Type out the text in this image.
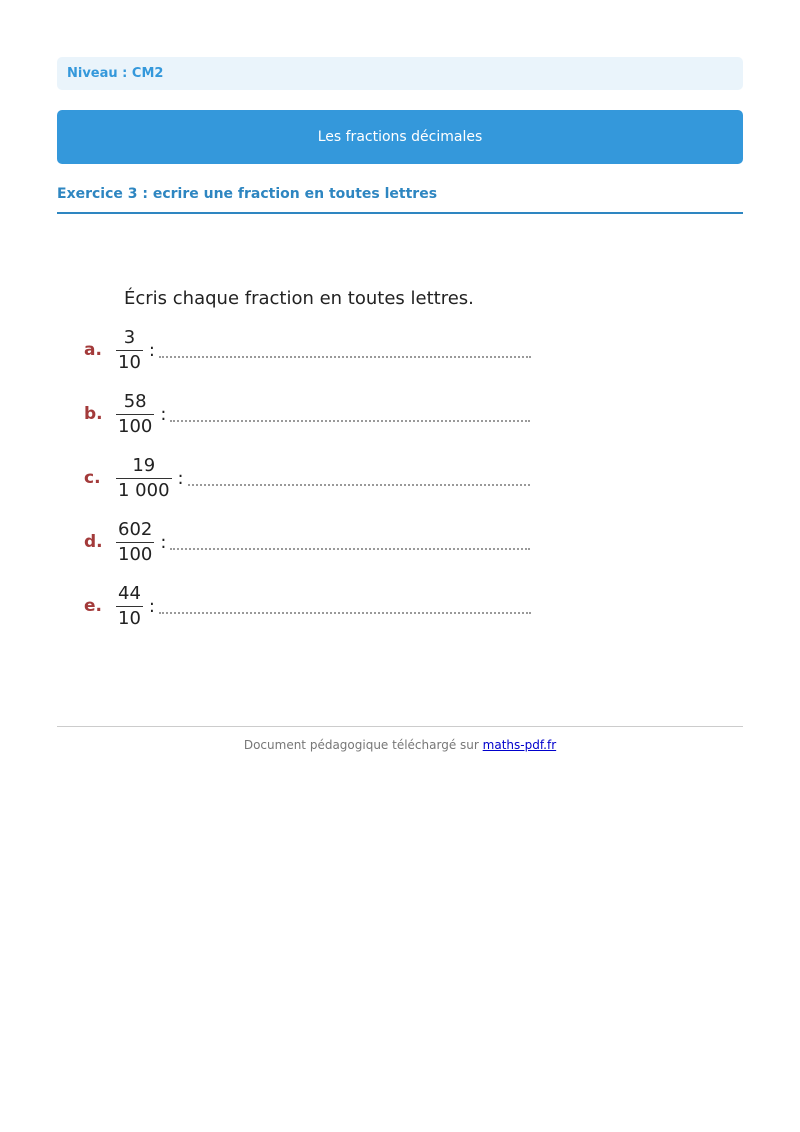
Niveau : CM2
Les fractions décimales
Exercice 3 : ecrire une fraction en toutes lettres
Écris chaque fraction en toutes lettres.
a. $\frac{3}{10}$ :
b. $\frac{58}{100}$ :
c. $\frac{19}{1 000}$ :
d. $\frac{602}{100}$ :
e. $\frac{44}{10}$ :
Document pédagogique téléchargé sur maths-pdf.fr
